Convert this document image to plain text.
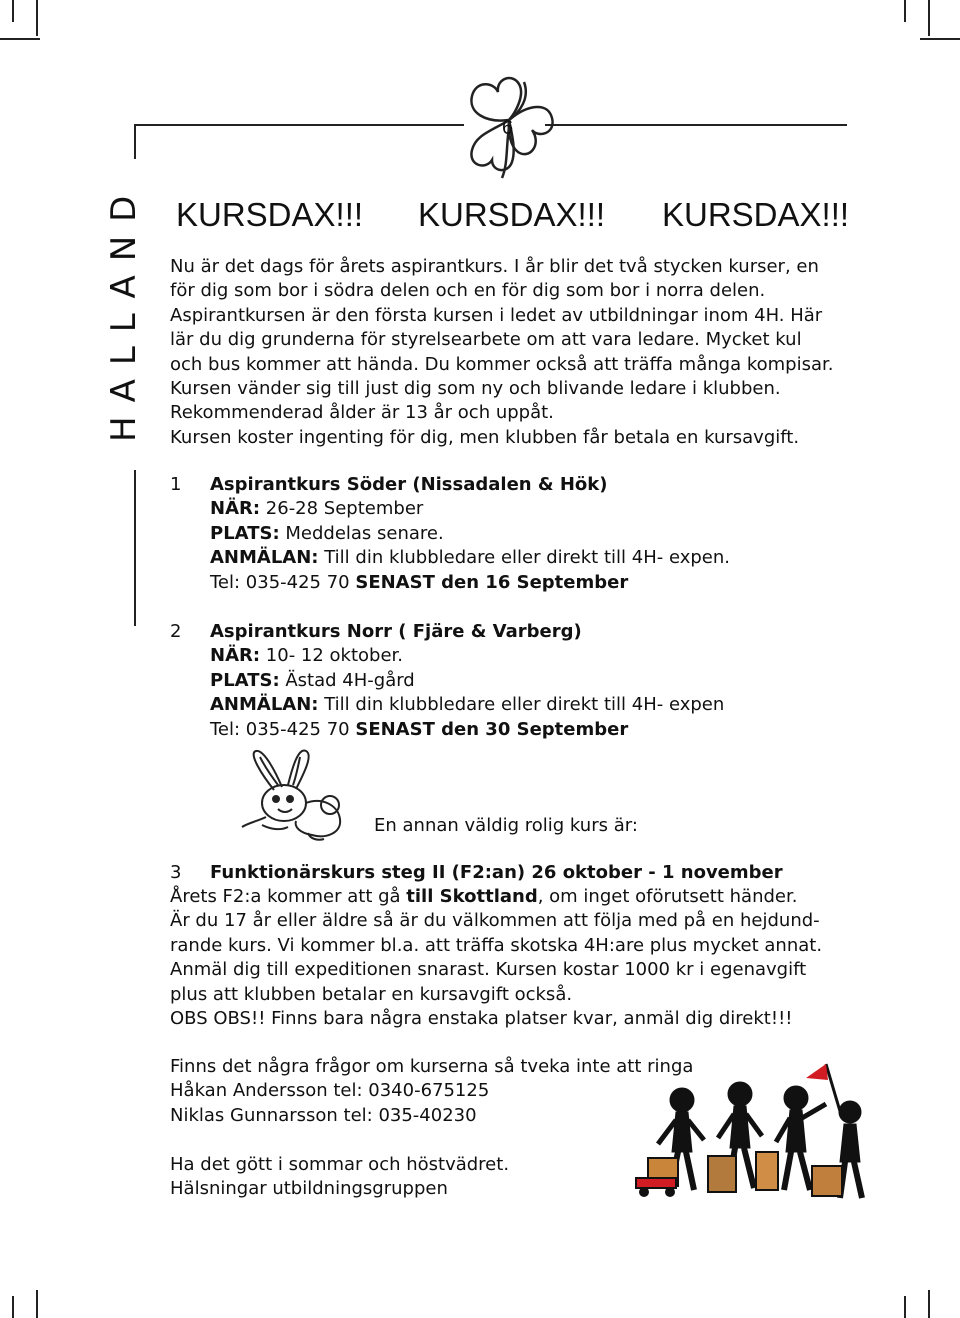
6
HALLAND KURSDAX!!! KURSDAX!!! KURSDAX!!!
Nu är det dags för årets aspirantkurs. I år blir det två stycken kurser, en
för dig som bor i södra delen och en för dig som bor i norra delen.
Aspirantkursen är den första kursen i ledet av utbildningar inom 4H. Här
lär du dig grunderna för styrelsearbete om att vara ledare. Mycket kul
och bus kommer att hända. Du kommer också att träffa många kompisar.
Kursen vänder sig till just dig som ny och blivande ledare i klubben.
Rekommenderad ålder är 13 år och uppåt.
Kursen koster ingenting för dig, men klubben får betala en kursavgift.
1 Aspirantkurs Söder (Nissadalen & Hök)
NÄR: 26-28 September
PLATS: Meddelas senare.
ANMÄLAN: Till din klubbledare eller direkt till 4H- expen.
Tel: 035-425 70 SENAST den 16 September
2 Aspirantkurs Norr ( Fjäre & Varberg)
NÄR: 10- 12 oktober.
PLATS: Ästad 4H-gård
ANMÄLAN: Till din klubbledare eller direkt till 4H- expen
Tel: 035-425 70 SENAST den 30 September
En annan väldig rolig kurs är:
3 Funktionärskurs steg II (F2:an) 26 oktober - 1 november
Årets F2:a kommer att gå till Skottland, om inget oförutsett händer.
Är du 17 år eller äldre så är du välkommen att följa med på en hejdund-
rande kurs. Vi kommer bl.a. att träffa skotska 4H:are plus mycket annat.
Anmäl dig till expeditionen snarast. Kursen kostar 1000 kr i egenavgift
plus att klubben betalar en kursavgift också.
OBS OBS!! Finns bara några enstaka platser kvar, anmäl dig direkt!!!
Finns det några frågor om kurserna så tveka inte att ringa
Håkan Andersson tel: 0340-675125
Niklas Gunnarsson tel: 035-40230
Ha det gött i sommar och höstvädret.
Hälsningar utbildningsgruppen
